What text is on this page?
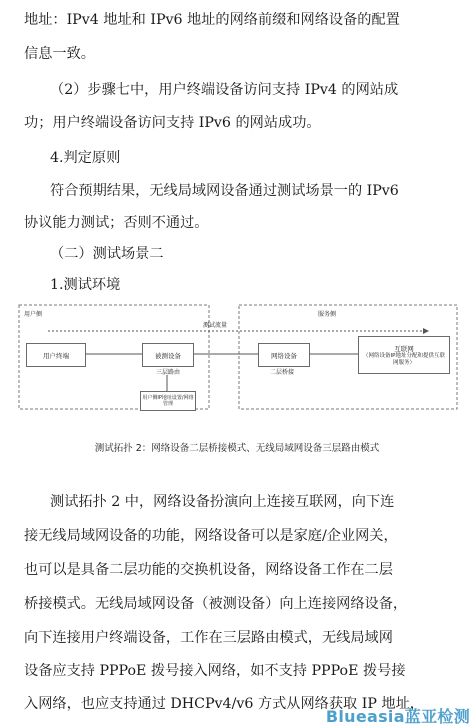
地址：IPv4 地址和 IPv6 地址的网络前缀和网络设备的配置
信息一致。
（2）步骤七中，用户终端设备访问支持 IPv4 的网站成
功；用户终端设备访问支持 IPv6 的网站成功。
4.判定原则
符合预期结果，无线局域网设备通过测试场景一的 IPv6
协议能力测试；否则不通过。
（二）测试场景二
1.测试环境
用户侧	服务侧
测试流量
用户终端	被测设备
三层路由
网络设备
二层桥接
互联网
（网络设备IP地址分配和提供互联网服务）
用户侧IP地址设置/网络管理
测试拓扑 2：网络设备二层桥接模式、无线局域网设备三层路由模式
测试拓扑 2 中，网络设备扮演向上连接互联网，向下连
接无线局域网设备的功能，网络设备可以是家庭/企业网关，
也可以是具备二层功能的交换机设备，网络设备工作在二层
桥接模式。无线局域网设备（被测设备）向上连接网络设备，
向下连接用户终端设备，工作在三层路由模式，无线局域网
设备应支持 PPPoE 拨号接入网络，如不支持 PPPoE 拨号接
入网络，也应支持通过 DHCPv4/v6 方式从网络获取 IP 地址，
Blueasia蓝亚检测
